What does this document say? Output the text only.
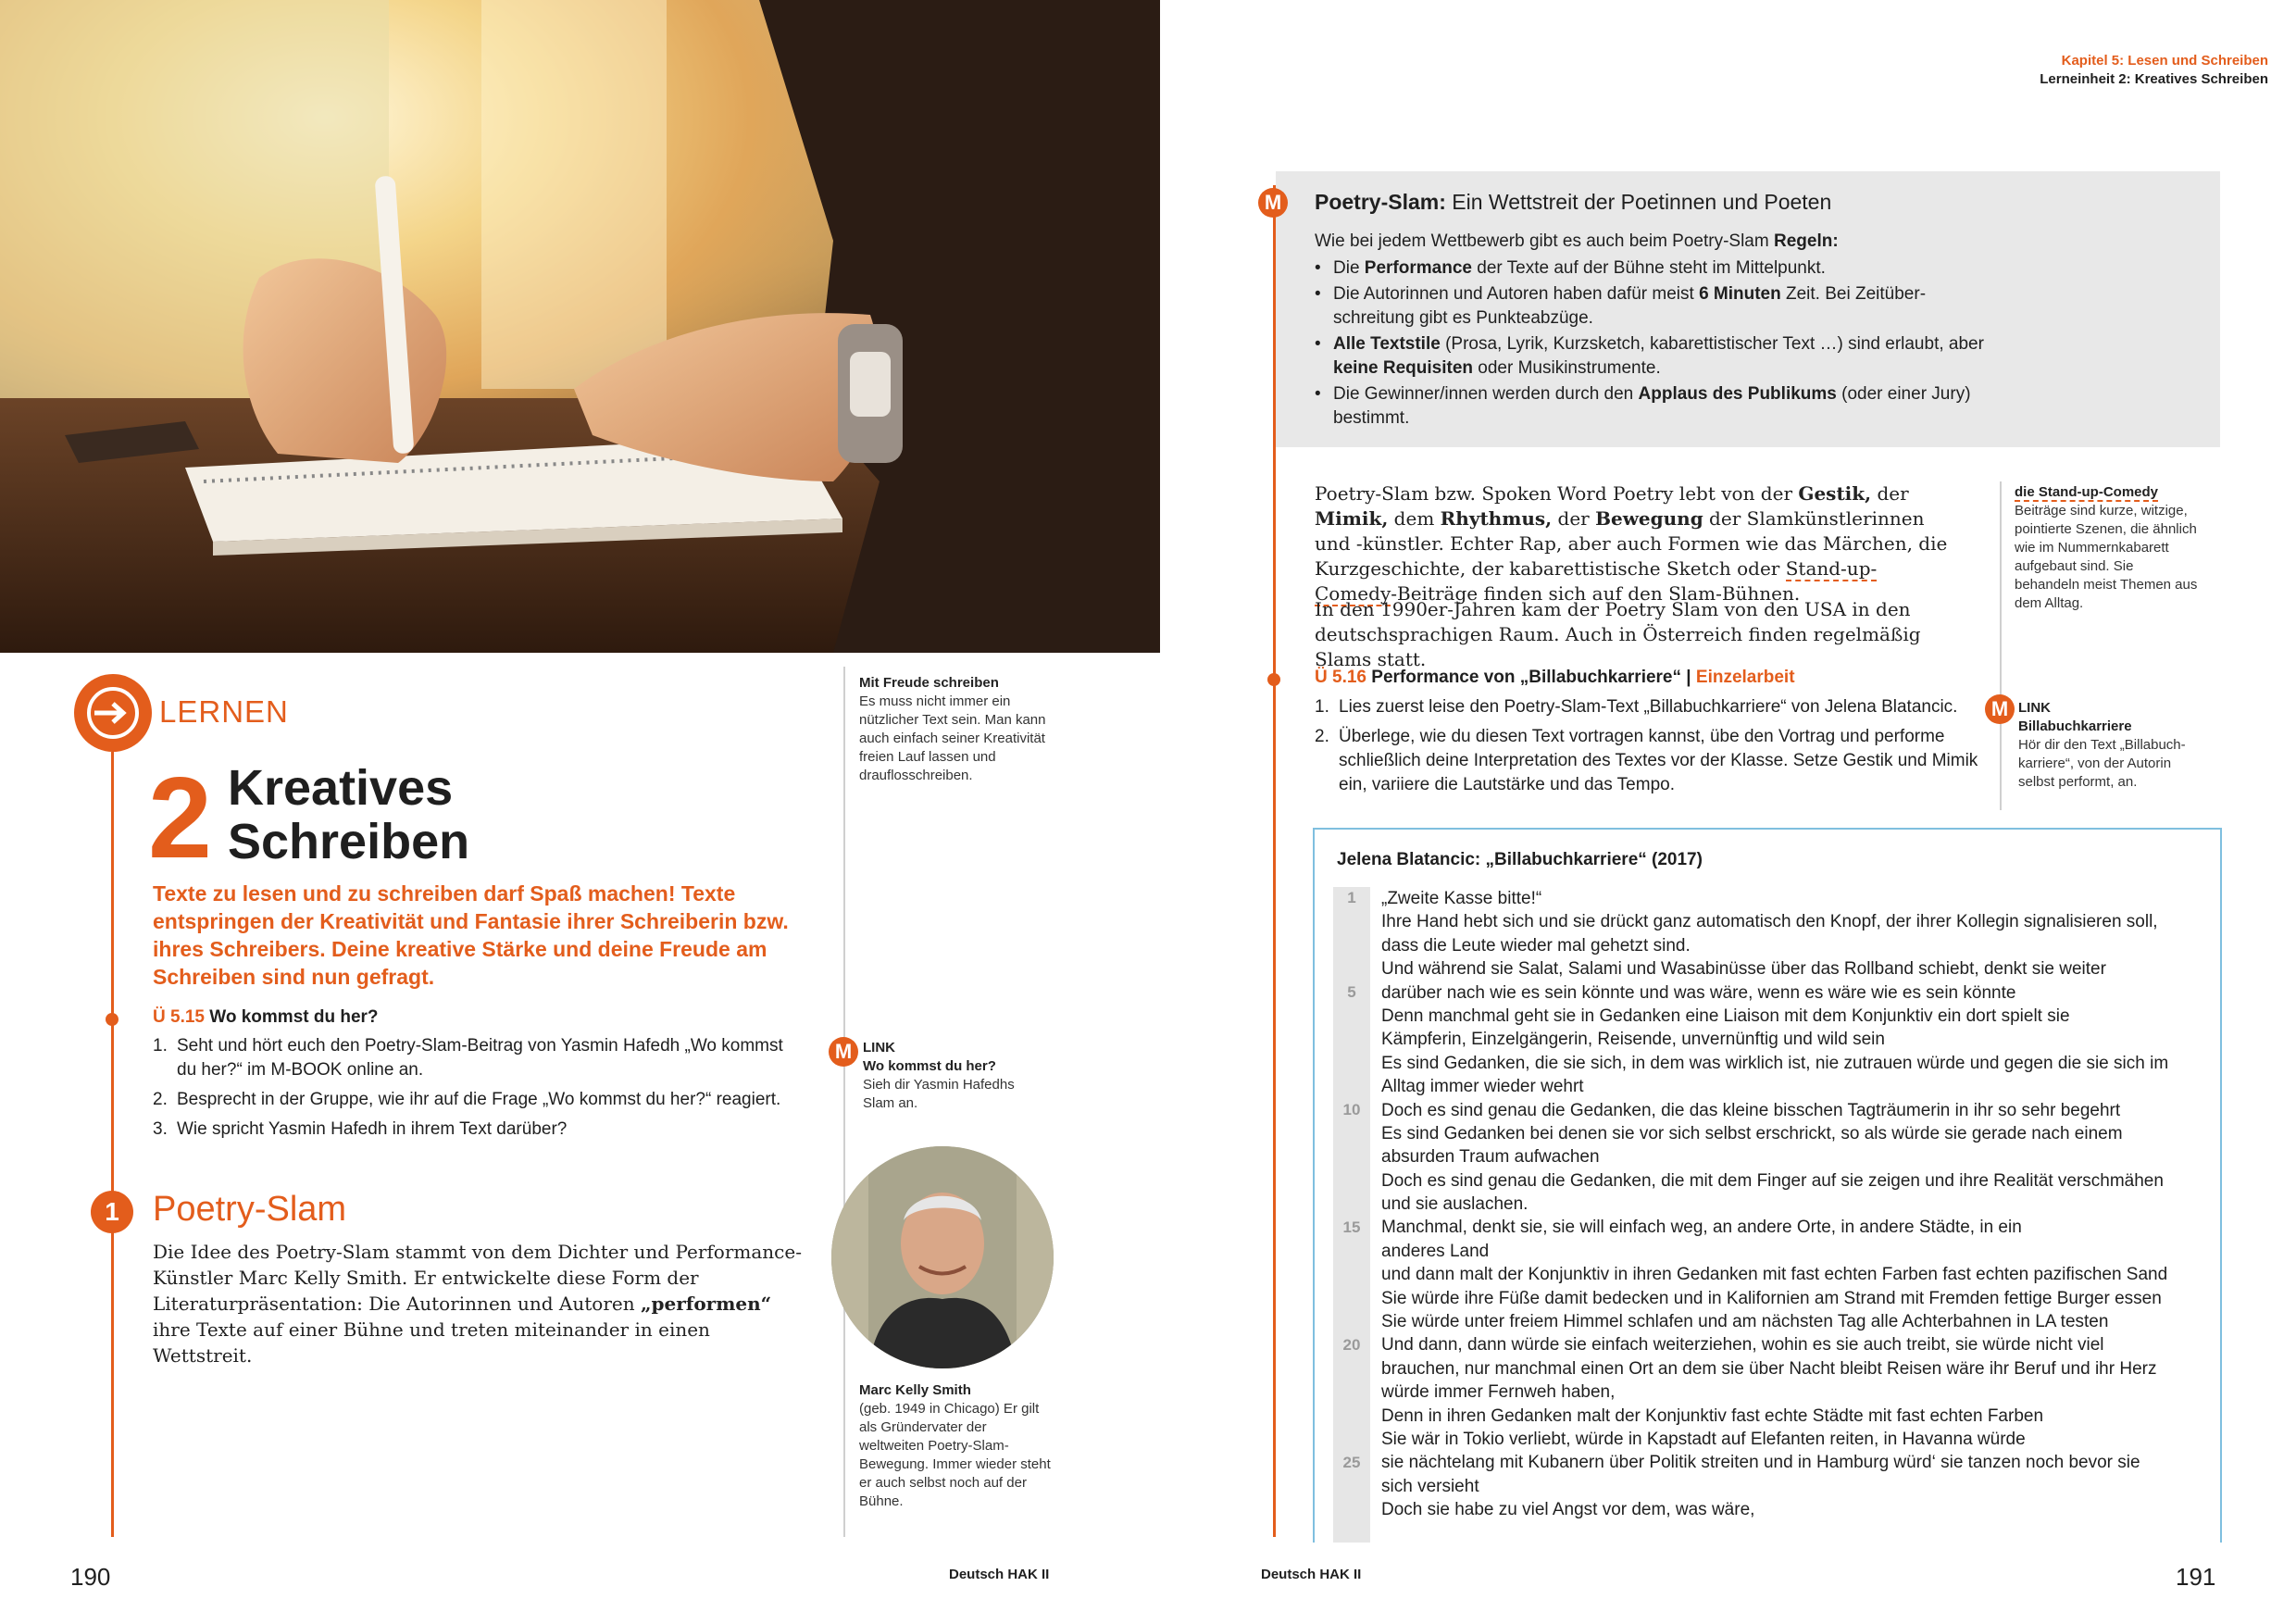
LERNEN
2 Kreatives
Schreiben
Texte zu lesen und zu schreiben darf Spaß machen! Texte entspringen der Kreativität und Fantasie ihrer Schreiberin bzw. ihres Schreibers. Deine kreative Stärke und deine Freude am Schreiben sind nun gefragt.
Ü 5.15 Wo kommst du her?
1. Seht und hört euch den Poetry-Slam-Beitrag von Yasmin Hafedh „Wo kommst du her?“ im M-BOOK online an.
2. Besprecht in der Gruppe, wie ihr auf die Frage „Wo kommst du her?“ reagiert.
3. Wie spricht Yasmin Hafedh in ihrem Text darüber?
1 Poetry-Slam
Die Idee des Poetry-Slam stammt von dem Dichter und Performance-Künstler Marc Kelly Smith. Er entwickelte diese Form der Literaturpräsentation: Die Autorinnen und Autoren „performen“ ihre Texte auf einer Bühne und treten miteinander in einen Wettstreit.
Mit Freude schreiben
Es muss nicht immer ein nützlicher Text sein. Man kann auch einfach seiner Kreativität freien Lauf lassen und drauflosschreiben.
M LINK
Wo kommst du her?
Sieh dir Yasmin Hafedhs Slam an.
Marc Kelly Smith
(geb. 1949 in Chicago) Er gilt als Gründervater der weltweiten Poetry-Slam-Bewegung. Immer wieder steht er auch selbst noch auf der Bühne.
190	Deutsch HAK II
Kapitel 5: Lesen und Schreiben
Lerneinheit 2: Kreatives Schreiben
M Poetry-Slam: Ein Wettstreit der Poetinnen und Poeten
Wie bei jedem Wettbewerb gibt es auch beim Poetry-Slam Regeln:
• Die Performance der Texte auf der Bühne steht im Mittelpunkt.
• Die Autorinnen und Autoren haben dafür meist 6 Minuten Zeit. Bei Zeitüberschreitung gibt es Punkteabzüge.
• Alle Textstile (Prosa, Lyrik, Kurzsketch, kabarettistischer Text …) sind erlaubt, aber keine Requisiten oder Musikinstrumente.
• Die Gewinner/innen werden durch den Applaus des Publikums (oder einer Jury) bestimmt.
Poetry-Slam bzw. Spoken Word Poetry lebt von der Gestik, der Mimik, dem Rhythmus, der Bewegung der Slamkünstlerinnen und -künstler. Echter Rap, aber auch Formen wie das Märchen, die Kurzgeschichte, der kabarettistische Sketch oder Stand-up-Comedy-Beiträge finden sich auf den Slam-Bühnen.
In den 1990er-Jahren kam der Poetry Slam von den USA in den deutschsprachigen Raum. Auch in Österreich finden regelmäßig Slams statt.
Ü 5.16 Performance von „Billabuchkarriere“ | Einzelarbeit
1. Lies zuerst leise den Poetry-Slam-Text „Billabuchkarriere“ von Jelena Blatancic.
2. Überlege, wie du diesen Text vortragen kannst, übe den Vortrag und performe schließlich deine Interpretation des Textes vor der Klasse. Setze Gestik und Mimik ein, variiere die Lautstärke und das Tempo.
die Stand-up-Comedy
Beiträge sind kurze, witzige, pointierte Szenen, die ähnlich wie im Nummernkabarett aufgebaut sind. Sie behandeln meist Themen aus dem Alltag.
M LINK
Billabuchkarriere
Hör dir den Text „Billabuchkarriere“, von der Autorin selbst performt, an.
Jelena Blatancic: „Billabuchkarriere“ (2017)
1
5
10
15
20
25
„Zweite Kasse bitte!“
Ihre Hand hebt sich und sie drückt ganz automatisch den Knopf, der ihrer Kollegin signalisieren soll,
dass die Leute wieder mal gehetzt sind.
Und während sie Salat, Salami und Wasabinüsse über das Rollband schiebt, denkt sie weiter
darüber nach wie es sein könnte und was wäre, wenn es wäre wie es sein könnte
Denn manchmal geht sie in Gedanken eine Liaison mit dem Konjunktiv ein dort spielt sie
Kämpferin, Einzelgängerin, Reisende, unvernünftig und wild sein
Es sind Gedanken, die sie sich, in dem was wirklich ist, nie zutrauen würde und gegen die sie sich im
Alltag immer wieder wehrt
Doch es sind genau die Gedanken, die das kleine bisschen Tagträumerin in ihr so sehr begehrt
Es sind Gedanken bei denen sie vor sich selbst erschrickt, so als würde sie gerade nach einem
absurden Traum aufwachen
Doch es sind genau die Gedanken, die mit dem Finger auf sie zeigen und ihre Realität verschmähen
und sie auslachen.
Manchmal, denkt sie, sie will einfach weg, an andere Orte, in andere Städte, in ein
anderes Land
und dann malt der Konjunktiv in ihren Gedanken mit fast echten Farben fast echten pazifischen Sand
Sie würde ihre Füße damit bedecken und in Kalifornien am Strand mit Fremden fettige Burger essen
Sie würde unter freiem Himmel schlafen und am nächsten Tag alle Achterbahnen in LA testen
Und dann, dann würde sie einfach weiterziehen, wohin es sie auch treibt, sie würde nicht viel
brauchen, nur manchmal einen Ort an dem sie über Nacht bleibt Reisen wäre ihr Beruf und ihr Herz
würde immer Fernweh haben,
Denn in ihren Gedanken malt der Konjunktiv fast echte Städte mit fast echten Farben
Sie wär in Tokio verliebt, würde in Kapstadt auf Elefanten reiten, in Havanna würde
sie nächtelang mit Kubanern über Politik streiten und in Hamburg würd‘ sie tanzen noch bevor sie
sich versieht
Doch sie habe zu viel Angst vor dem, was wäre,
Deutsch HAK II	191
